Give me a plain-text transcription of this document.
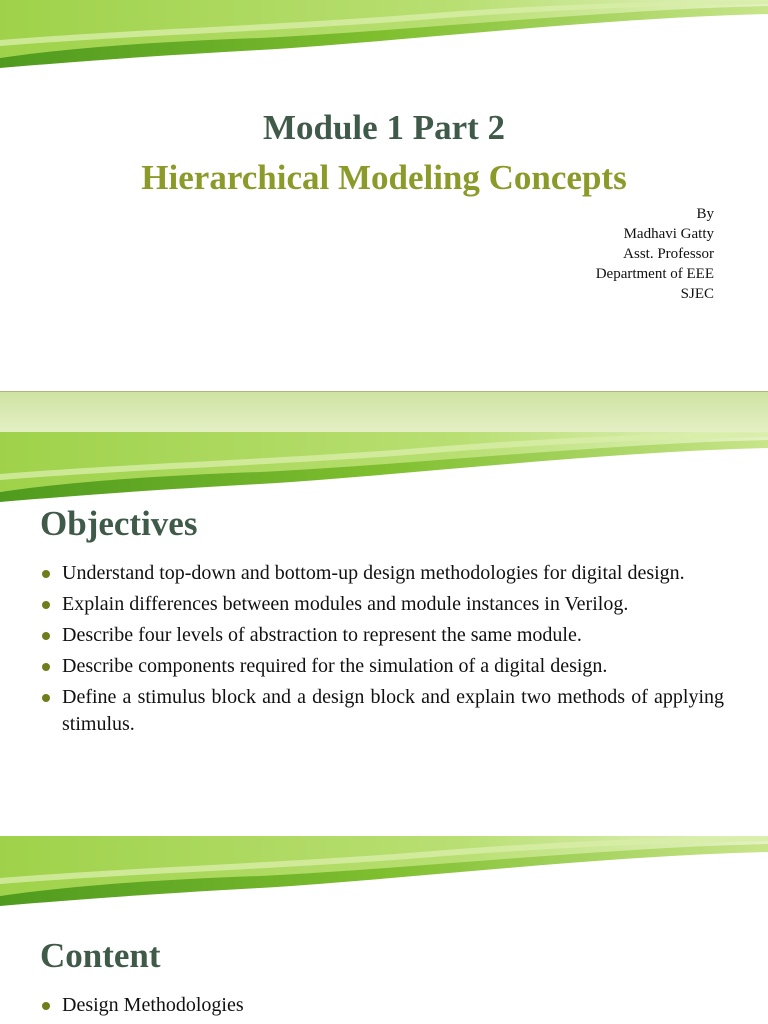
Module 1 Part 2
Hierarchical Modeling Concepts
By
Madhavi Gatty
Asst. Professor
Department of EEE
SJEC
Objectives
Understand top-down and bottom-up design methodologies for digital design.
Explain differences between modules and module instances in Verilog.
Describe four levels of abstraction to represent the same module.
Describe components required for the simulation of a digital design.
Define a stimulus block and a design block and explain two methods of applying stimulus.
Content
Design Methodologies
